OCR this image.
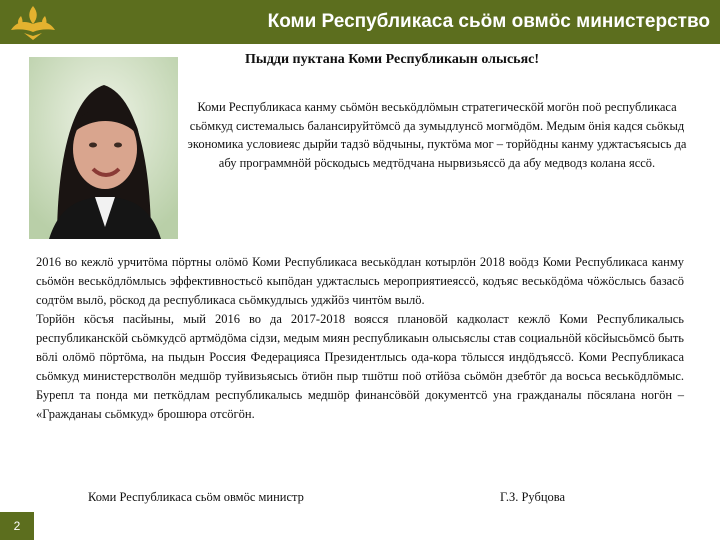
Коми Республикаса сьӧм овмӧс министерство
Пыдди пуктана Коми Республикаын олысьяс!
Коми Республикаса канму сьӧмӧн веськӧдлӧмын стратегическӧй могӧн поӧ республикаса сьӧмкуд системалысь балансируйтӧмсӧ да зумыдлунсӧ могмӧдӧм. Медым öнія кадся сьӧкыд экономика условиеяс дырйи тадзӧ вӧдчыны, пуктӧма мог – торйӧдны канму уджтасъясысь да абу программнӧй рӧскодысь медтӧдчана нырвизьяссӧ да абу медводз колана яссӧ.

2016 во кежлӧ урчитӧма пӧртны олӧмӧ Коми Республикаса веськӧдлан котырлӧн 2018 воӧдз Коми Республикаса канму сьӧмӧн веськӧдлӧмлысь эффективностьсӧ кыпӧдан уджтаслысь мероприятиеяссӧ, кодъяс веськӧдӧма чӧжӧслысь базасӧ содтӧм вылӧ, рӧскод да республикаса сьӧмкудлысь уджйӧз чинтӧм вылӧ.

Торйӧн кӧсъя пасйыны, мый 2016 во да 2017-2018 воясся плановӧй кадколаст кежлӧ Коми Республикалысь республиканскӧй сьӧмкудсӧ артмӧдӧма сідзи, медым миян республикаын олысьяслы став социальнӧй кӧсйысьӧмсӧ быть вӧлі олӧмӧ пӧртӧма, на пыдын Россия Федерацияса Президентлысь ода-кора тӧлысся индӧдъяссӧ. Коми Республикаса сьӧмкуд министерстволӧн медшӧр туйвизьясысь ӧтиӧн пыр тшӧтш поӧ отйӧза сьӧмӧн дзебтӧг да восьса веськӧдлӧмыс. Бурепл та понда ми петкӧдлам республикалысь медшӧр финансӧвӧй документсӧ уна гражданалы пӧсялана ногӧн – «Гражданаы сьӧмкуд» брошюра отсӧгӧн.

Коми Республикаса сьӧм овмӧс министр	Г.З. Рубцова
2
